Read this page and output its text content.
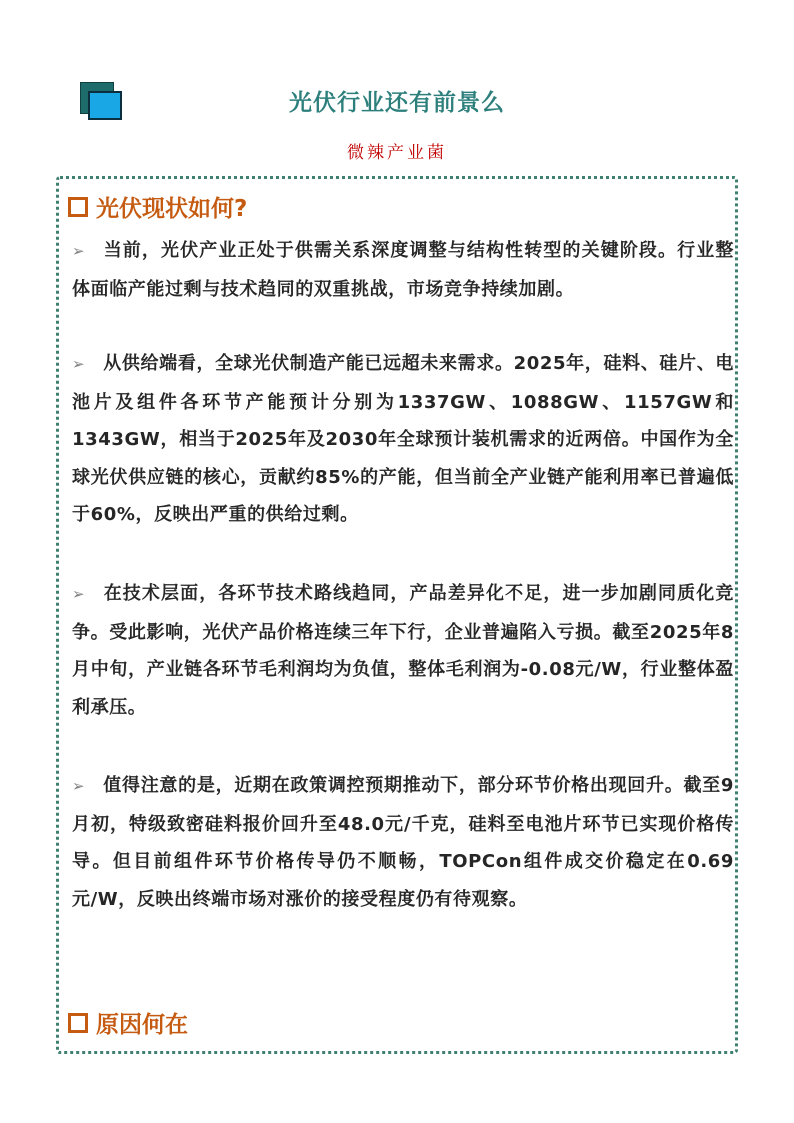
光伏行业还有前景么
微辣产业菌
光伏现状如何?
➢ 当前，光伏产业正处于供需关系深度调整与结构性转型的关键阶段。行业整体面临产能过剩与技术趋同的双重挑战，市场竞争持续加剧。
➢ 从供给端看，全球光伏制造产能已远超未来需求。2025年，硅料、硅片、电池片及组件各环节产能预计分别为1337GW、1088GW、1157GW和1343GW，相当于2025年及2030年全球预计装机需求的近两倍。中国作为全球光伏供应链的核心，贡献约85%的产能，但当前全产业链产能利用率已普遍低于60%，反映出严重的供给过剩。
➢ 在技术层面，各环节技术路线趋同，产品差异化不足，进一步加剧同质化竞争。受此影响，光伏产品价格连续三年下行，企业普遍陷入亏损。截至2025年8月中旬，产业链各环节毛利润均为负值，整体毛利润为-0.08元/W，行业整体盈利承压。
➢ 值得注意的是，近期在政策调控预期推动下，部分环节价格出现回升。截至9月初，特级致密硅料报价回升至48.0元/千克，硅料至电池片环节已实现价格传导。但目前组件环节价格传导仍不顺畅，TOPCon组件成交价稳定在0.69元/W，反映出终端市场对涨价的接受程度仍有待观察。
原因何在
